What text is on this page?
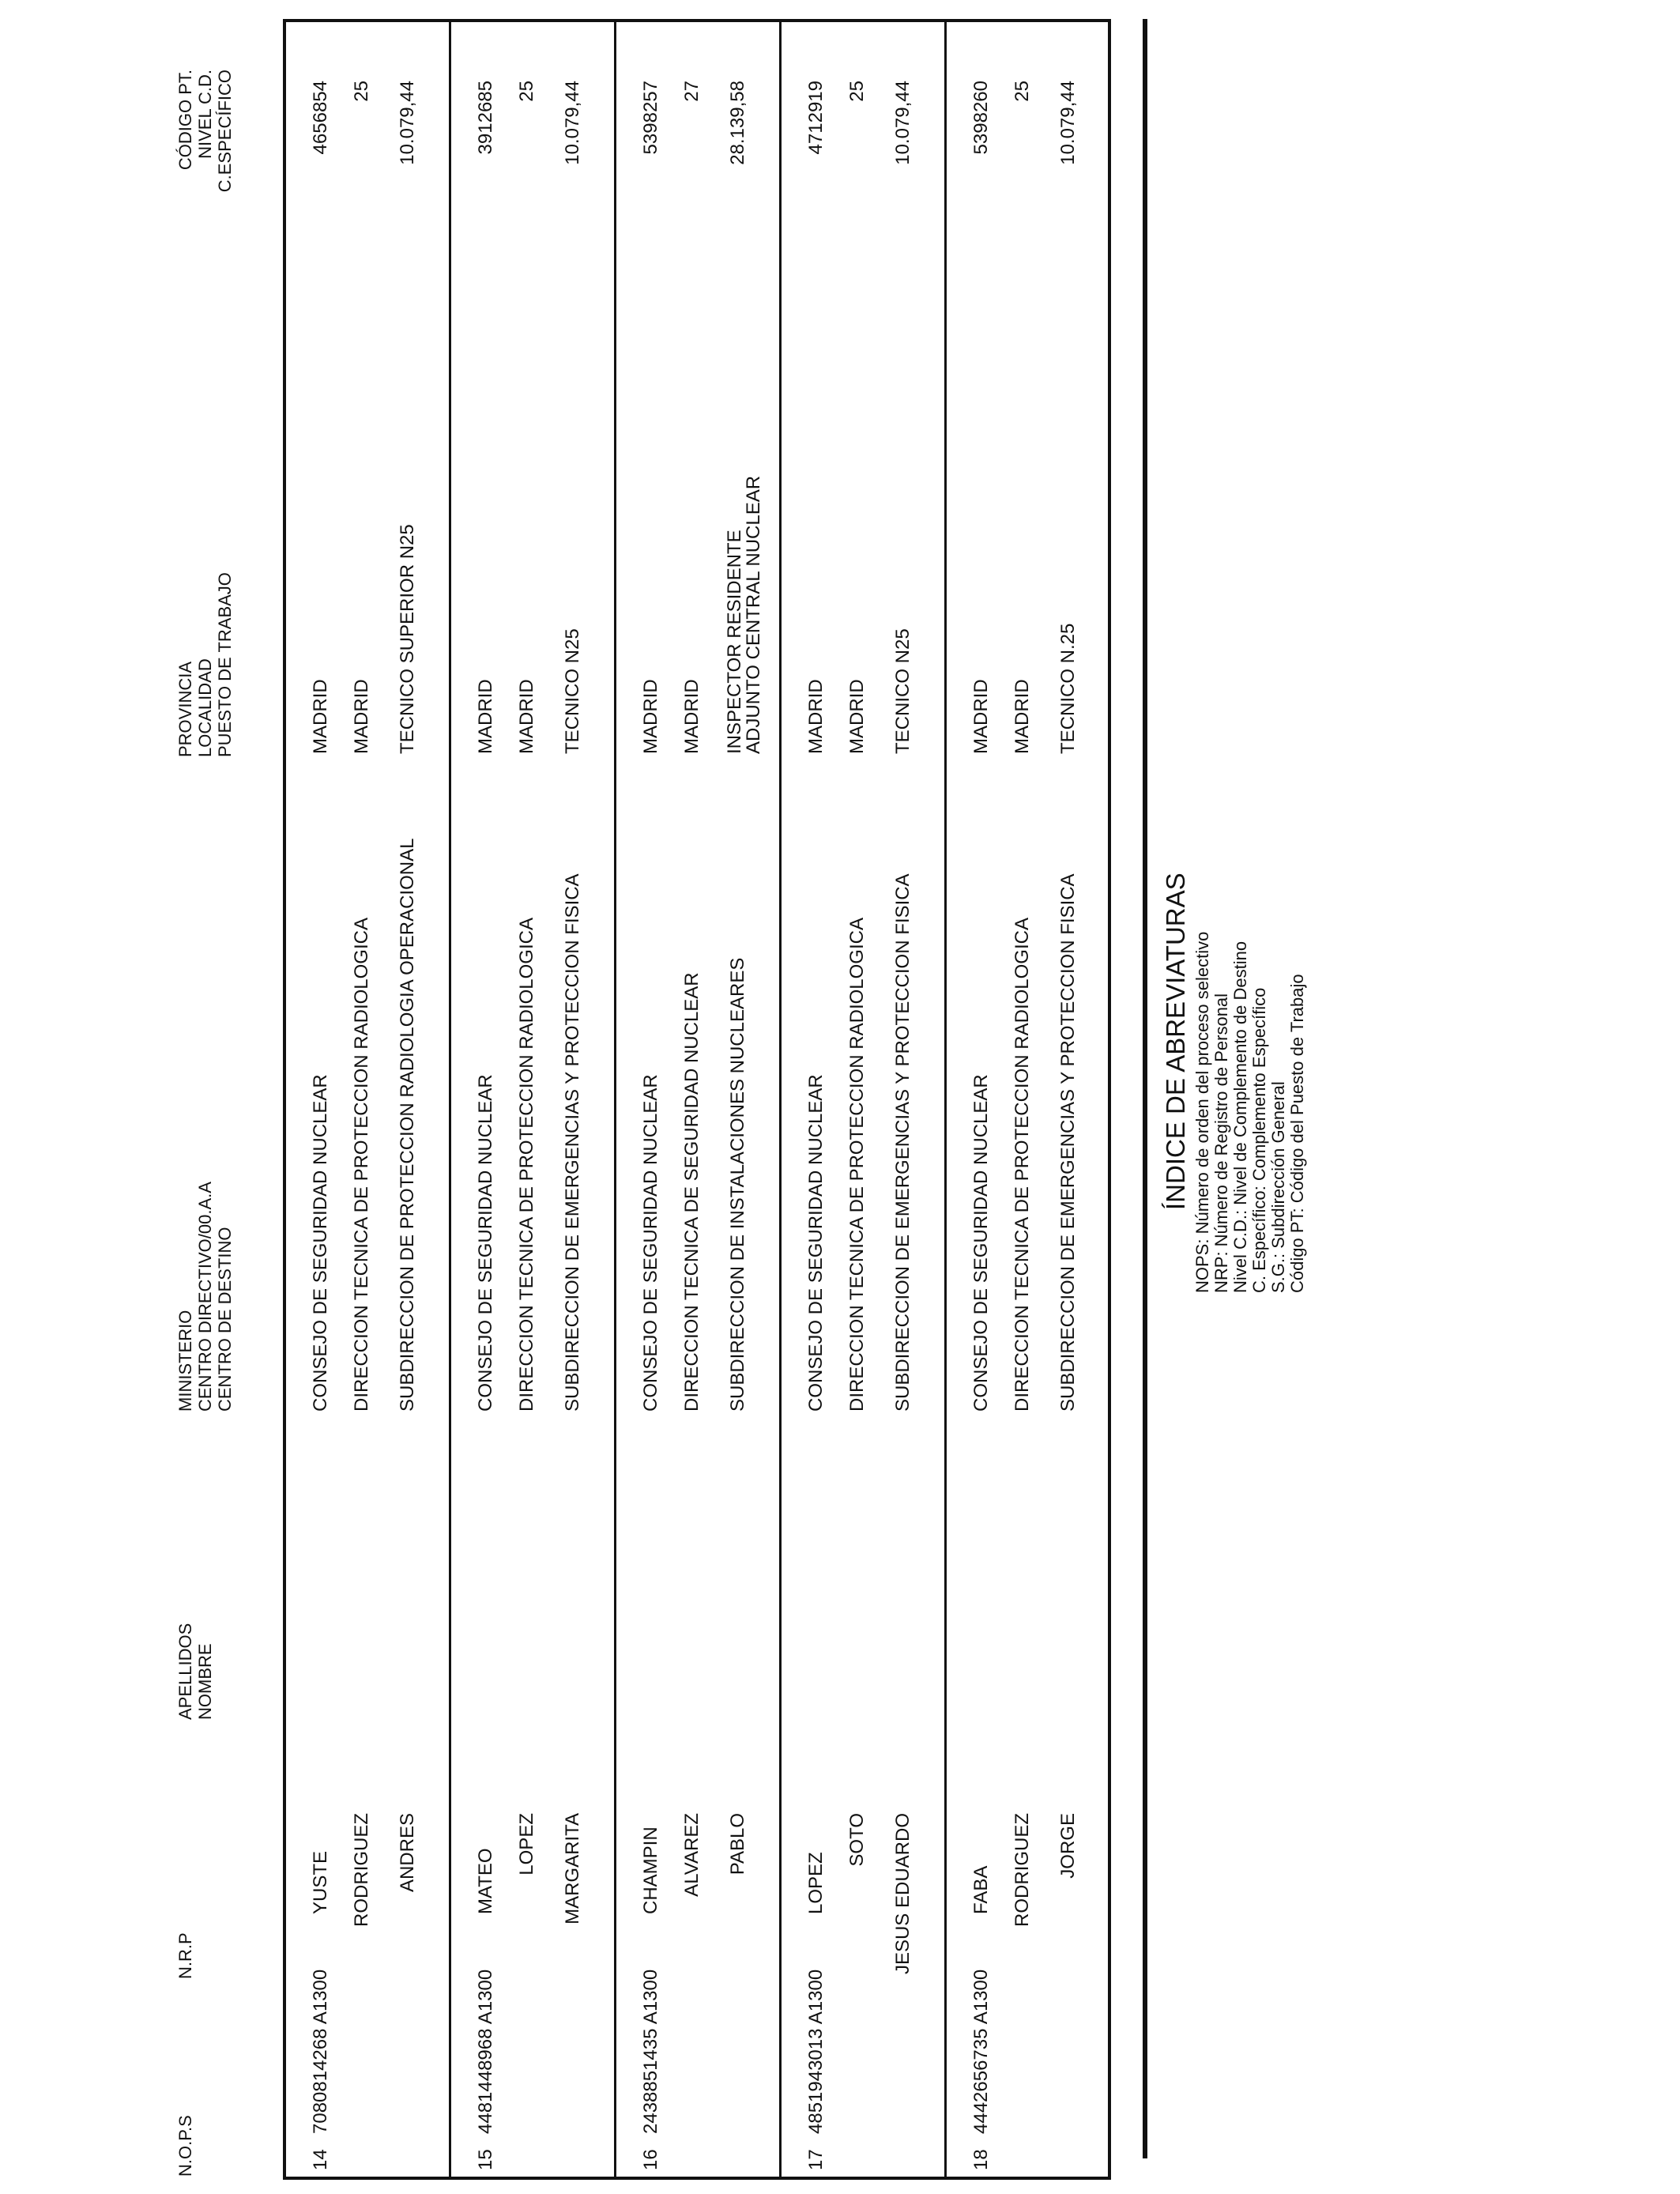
N.O.P.S
N.R.P
APELLIDOS NOMBRE
MINISTERIO CENTRO DIRECTIVO/00.A.A CENTRO DE DESTINO
PROVINCIA LOCALIDAD PUESTO DE TRABAJO
CÓDIGO PT. NIVEL C.D. C.ESPECÍFICO
14
7080814268 A1300
YUSTE RODRIGUEZ ANDRES
CONSEJO DE SEGURIDAD NUCLEAR DIRECCION TECNICA DE PROTECCION RADIOLOGICA SUBDIRECCION DE PROTECCION RADIOLOGIA OPERACIONAL
MADRID MADRID TECNICO SUPERIOR N25
4656854 25 10.079,44
15
4481448968 A1300
MATEO
LOPEZ MARGARITA
CONSEJO DE SEGURIDAD NUCLEAR DIRECCION TECNICA DE PROTECCION RADIOLOGICA SUBDIRECCION DE EMERGENCIAS Y PROTECCION FISICA
MADRID MADRID TECNICO N25
3912685 25 10.079,44
16
2438851435 A1300
CHAMPIN ALVAREZ PABLO
CONSEJO DE SEGURIDAD NUCLEAR DIRECCION TECNICA DE SEGURIDAD NUCLEAR SUBDIRECCION DE INSTALACIONES NUCLEARES
MADRID MADRID INSPECTOR RESIDENTE
ADJUNTO CENTRAL NUCLEAR
5398257 27 28.139,58
17
4851943013 A1300
LOPEZ
SOTO JESUS EDUARDO
CONSEJO DE SEGURIDAD NUCLEAR DIRECCION TECNICA DE PROTECCION RADIOLOGICA SUBDIRECCION DE EMERGENCIAS Y PROTECCION FISICA
MADRID MADRID TECNICO N25
4712919 25 10.079,44
18
4442656735 A1300
FABA RODRIGUEZ JORGE
CONSEJO DE SEGURIDAD NUCLEAR DIRECCION TECNICA DE PROTECCION RADIOLOGICA SUBDIRECCION DE EMERGENCIAS Y PROTECCION FISICA
MADRID MADRID TECNICO N.25
5398260 25 10.079,44
ÍNDICE DE ABREVIATURAS NOPS: Número de orden del proceso selectivo NRP: Número de Registro de Personal Nivel C.D.: Nivel de Complemento de Destino C. Específico: Complemento Específico S.G.: Subdirección General Código PT: Código del Puesto de Trabajo
